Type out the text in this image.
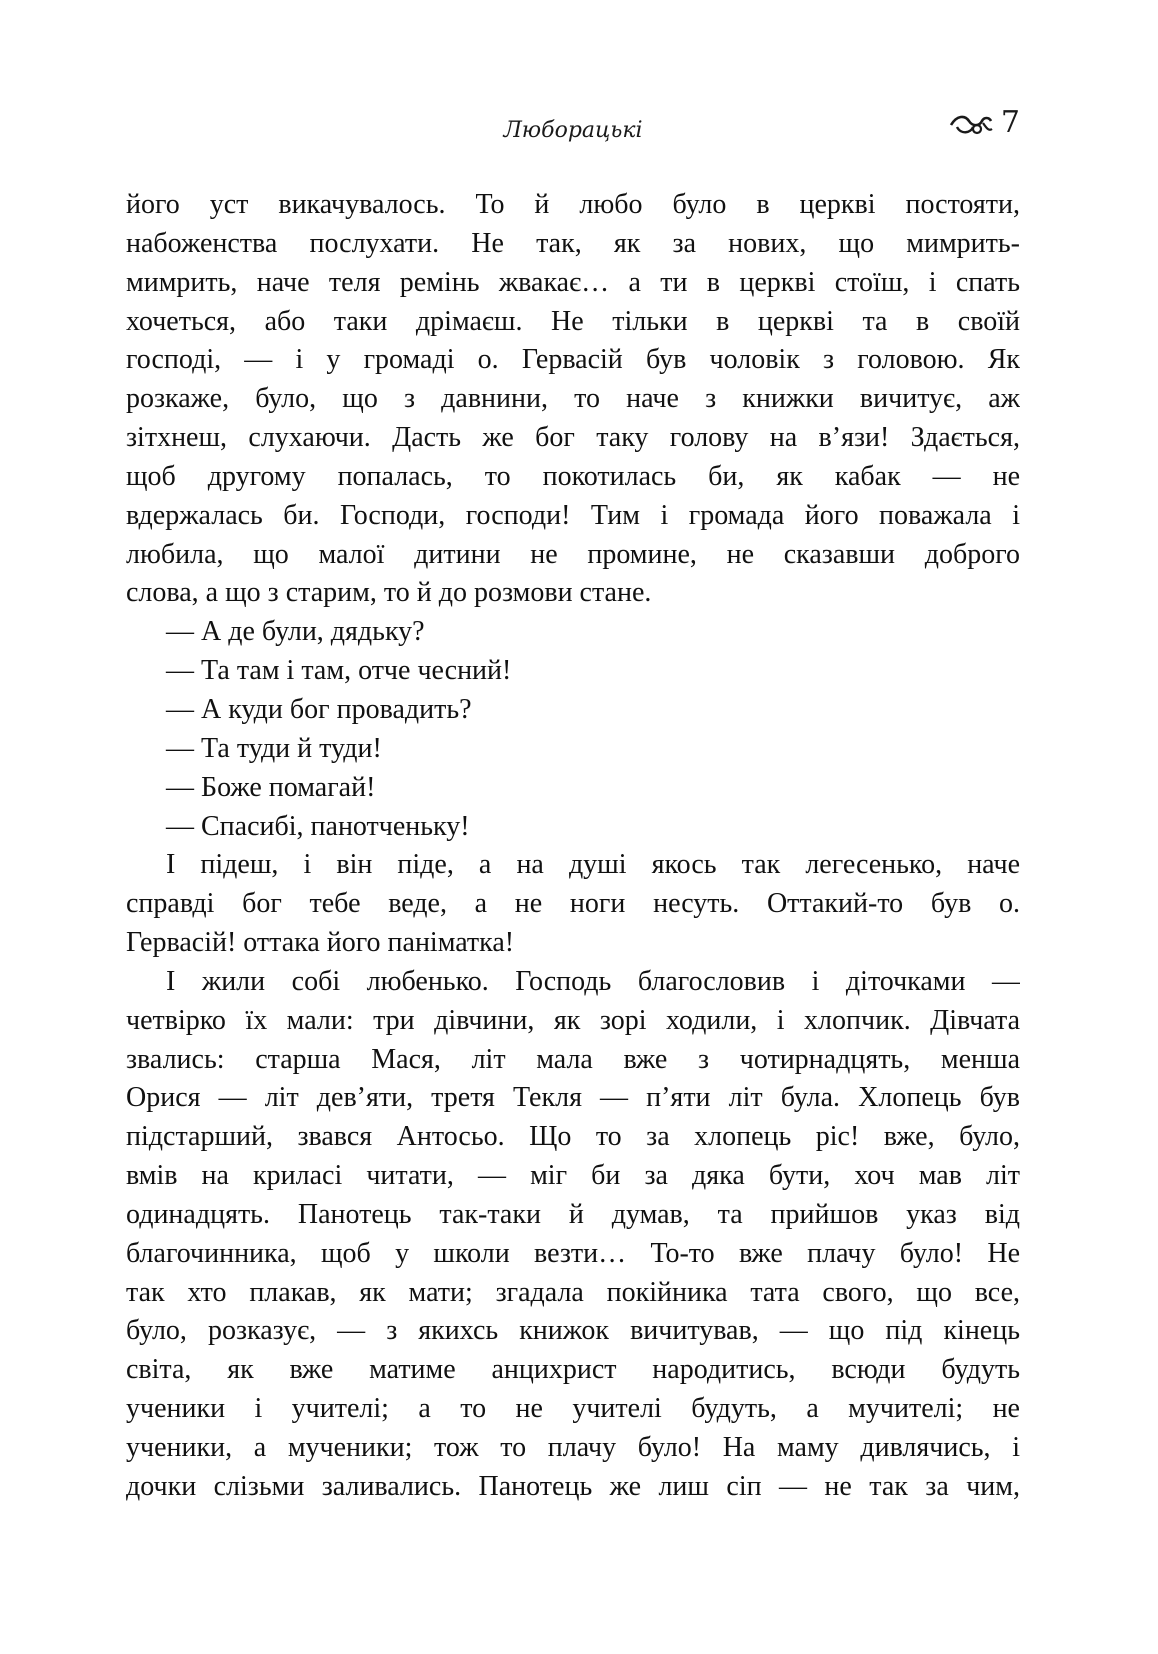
Люборацькі	7
його уст викачувалось. То й любо було в церкві постояти,
набоженства послухати. Не так, як за нових, що мимрить-
мимрить, наче теля ремінь жвакає… а ти в церкві стоїш, і спать
хочеться, або таки дрімаєш. Не тільки в церкві та в своїй
господі, — і у громаді о. Гервасій був чоловік з головою. Як
розкаже, було, що з давнини, то наче з книжки вичитує, аж
зітхнеш, слухаючи. Дасть же бог таку голову на в’язи! Здається,
щоб другому попалась, то покотилась би, як кабак — не
вдержалась би. Господи, господи! Тим і громада його поважала і
любила, що малої дитини не промине, не сказавши доброго
слова, а що з старим, то й до розмови стане.
— А де були, дядьку?
— Та там і там, отче чесний!
— А куди бог провадить?
— Та туди й туди!
— Боже помагай!
— Спасибі, панотченьку!
І підеш, і він піде, а на душі якось так легесенько, наче
справді бог тебе веде, а не ноги несуть. Оттакий-то був о.
Гервасій! оттака його паніматка!
І жили собі любенько. Господь благословив і діточками —
четвірко їх мали: три дівчини, як зорі ходили, і хлопчик. Дівчата
звались: старша Мася, літ мала вже з чотирнадцять, менша
Орися — літ дев’яти, третя Текля — п’яти літ була. Хлопець був
підстарший, звався Антосьо. Що то за хлопець ріс! вже, було,
вмів на криласі читати, — міг би за дяка бути, хоч мав літ
одинадцять. Панотець так-таки й думав, та прийшов указ від
благочинника, щоб у школи везти… То-то вже плачу було! Не
так хто плакав, як мати; згадала покійника тата свого, що все,
було, розказує, — з якихсь книжок вичитував, — що під кінець
світа, як вже матиме анцихрист народитись, всюди будуть
ученики і учителі; а то не учителі будуть, а мучителі; не
ученики, а мученики; тож то плачу було! На маму дивлячись, і
дочки слізьми заливались. Панотець же лиш сіп — не так за чим,
